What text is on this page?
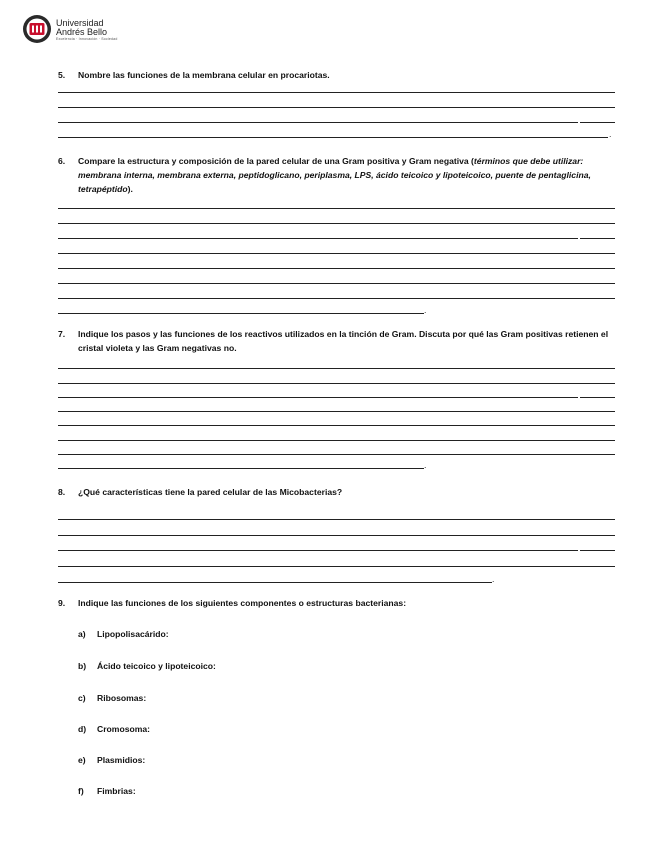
Universidad
Andrés Bello
Excelencia · Innovación · Sociedad
5. Nombre las funciones de la membrana celular en procariotas.
.
6. Compare la estructura y composición de la pared celular de una Gram positiva y Gram negativa (términos que debe utilizar: membrana interna, membrana externa, peptidoglicano, periplasma, LPS, ácido teicoico y lipoteicoico, puente de pentaglicina, tetrapéptido).
.
7. Indique los pasos y las funciones de los reactivos utilizados en la tinción de Gram. Discuta por qué las Gram positivas retienen el cristal violeta y las Gram negativas no.
.
8. ¿Qué características tiene la pared celular de las Micobacterias?
.
9. Indique las funciones de los siguientes componentes o estructuras bacterianas:
a) Lipopolisacárido:
b) Ácido teicoico y lipoteicoico:
c) Ribosomas:
d) Cromosoma:
e) Plasmidios:
f) Fimbrias:
